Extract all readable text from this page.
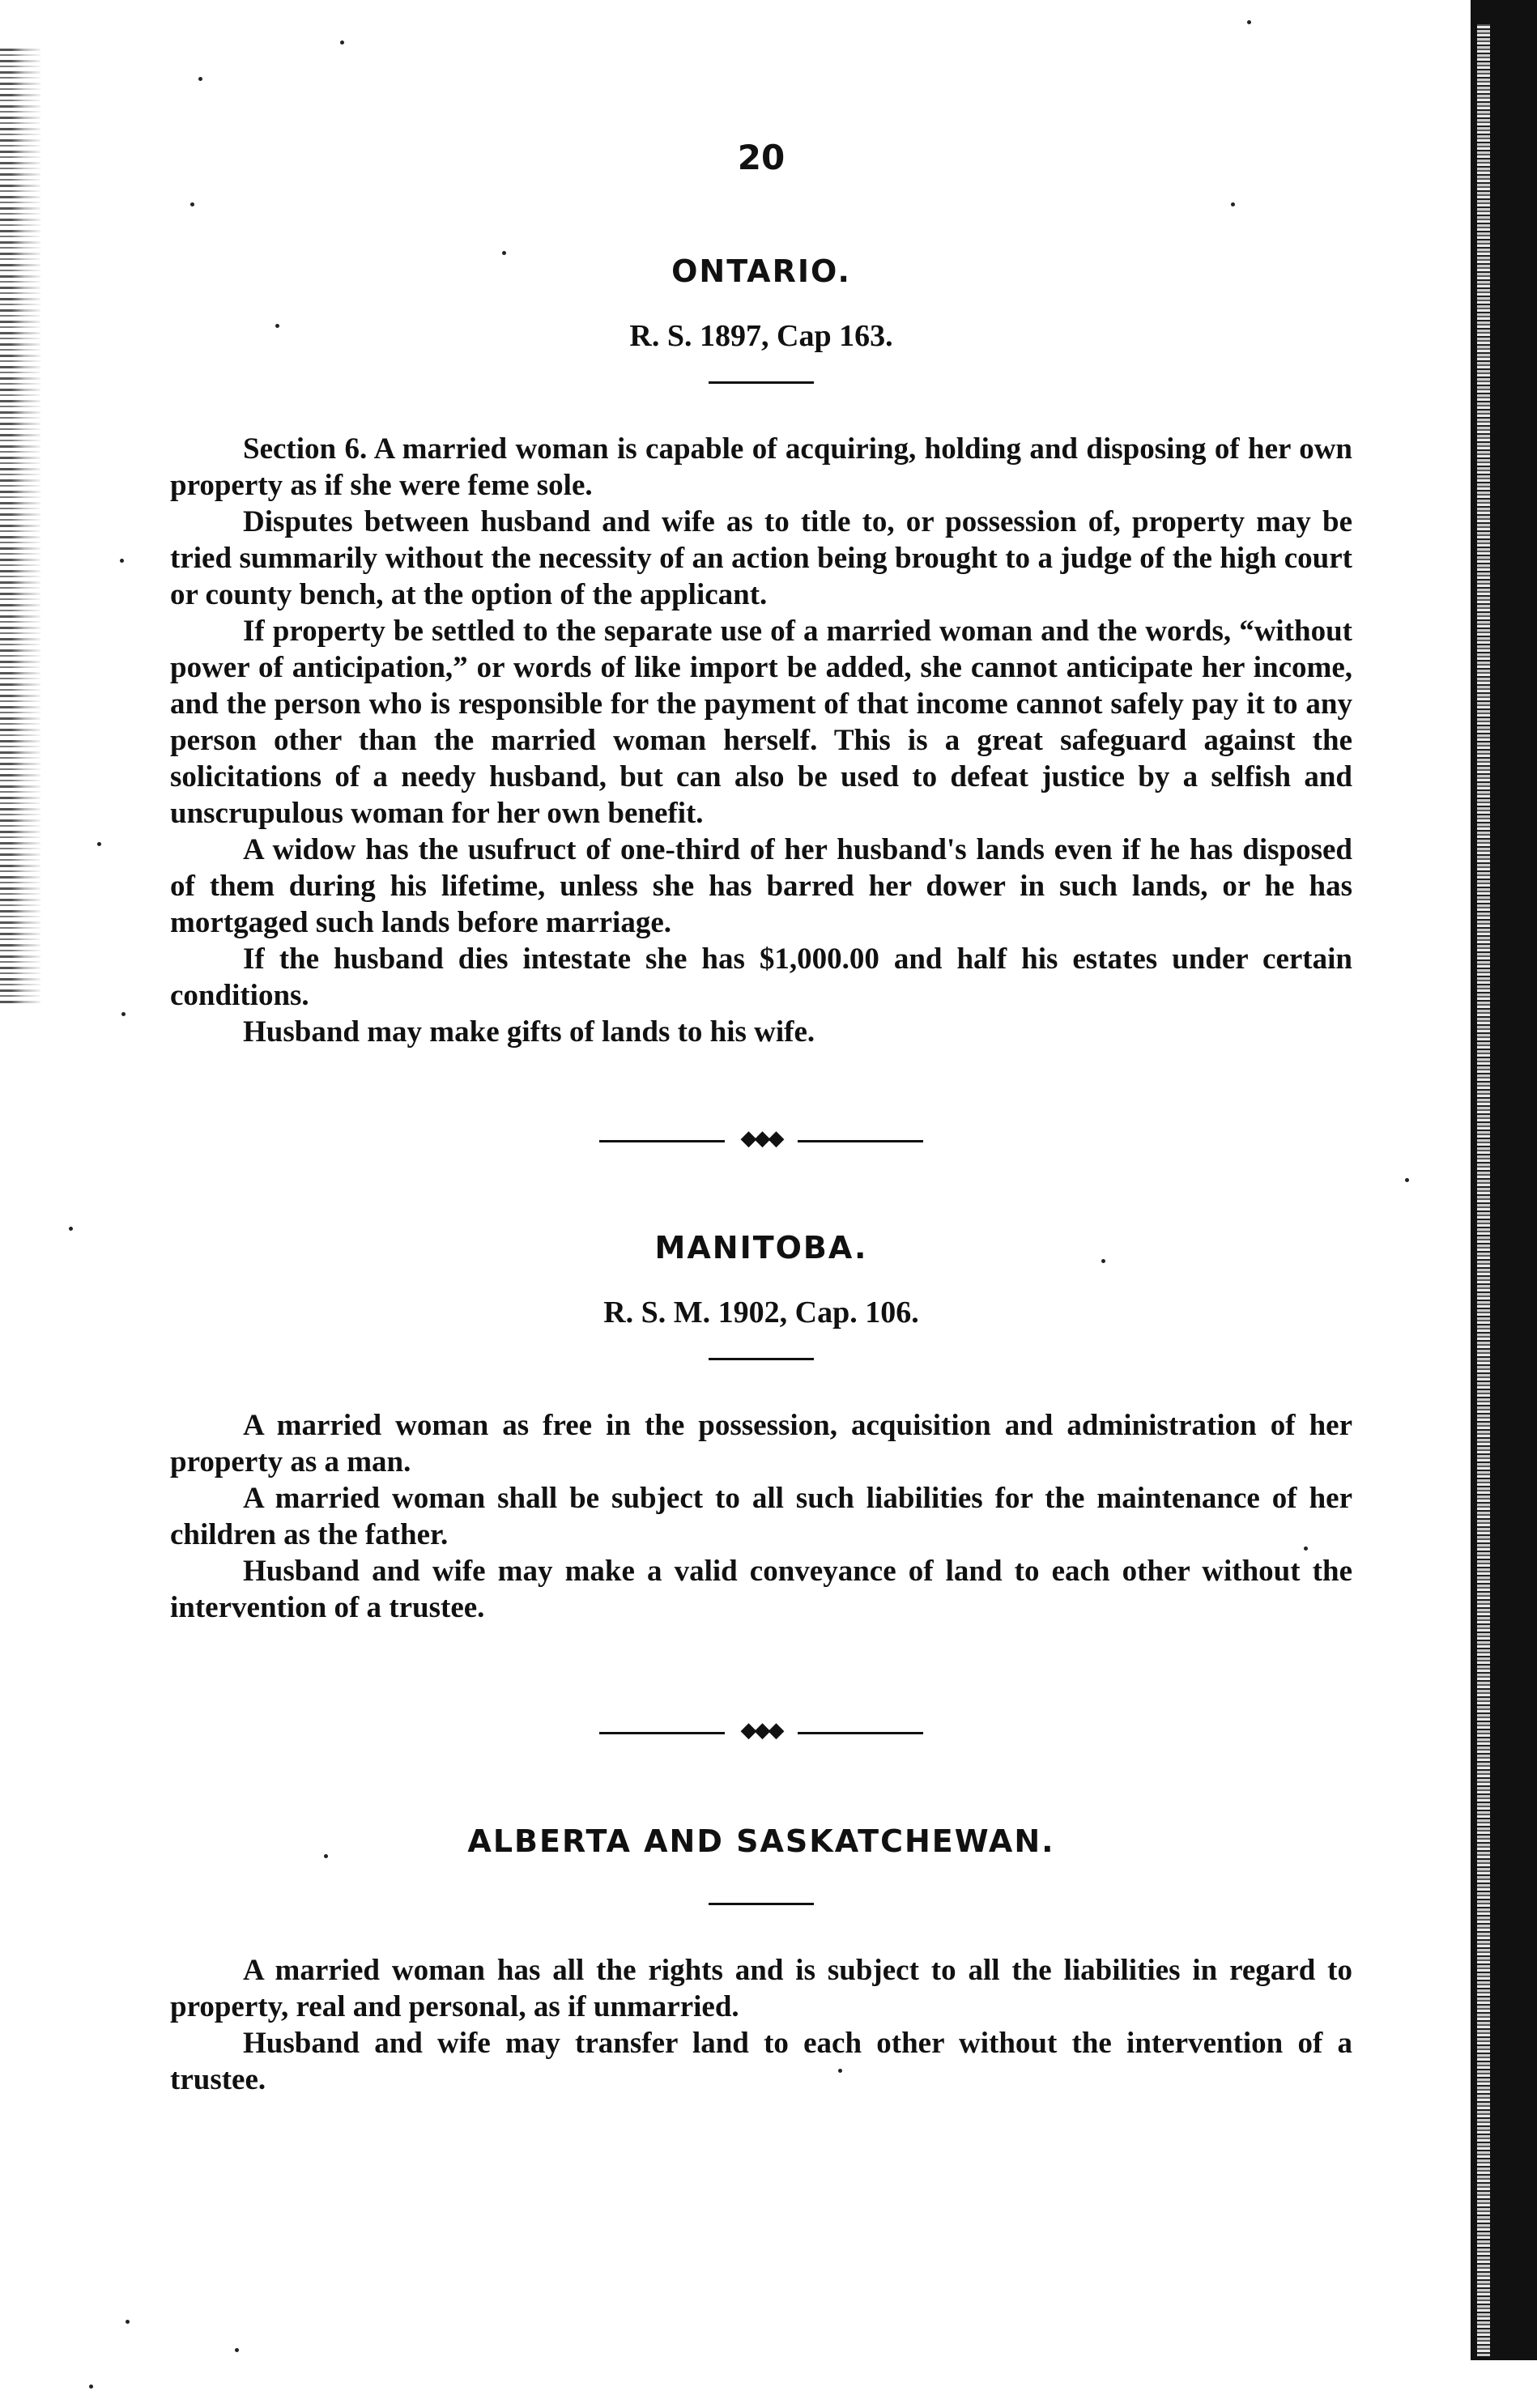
20
ONTARIO.
R. S. 1897, Cap 163.

Section 6. A married woman is capable of acquiring, holding and disposing of her own property as if she were feme sole.

Disputes between husband and wife as to title to, or possession of, property may be tried summarily without the necessity of an action being brought to a judge of the high court or county bench, at the option of the applicant.

If property be settled to the separate use of a married woman and the words, “without power of anticipation,” or words of like import be added, she cannot anticipate her income, and the person who is responsible for the payment of that income cannot safely pay it to any person other than the married woman herself. This is a great safeguard against the solicitations of a needy husband, but can also be used to defeat justice by a selfish and unscrupulous woman for her own benefit.

A widow has the usufruct of one-third of her husband's lands even if he has disposed of them during his lifetime, unless she has barred her dower in such lands, or he has mortgaged such lands before marriage.

If the husband dies intestate she has $1,000.00 and half his estates under certain conditions.

Husband may make gifts of lands to his wife.

◆◆◆
MANITOBA.
R. S. M. 1902, Cap. 106.

A married woman as free in the possession, acquisition and administration of her property as a man.

A married woman shall be subject to all such liabilities for the maintenance of her children as the father.

Husband and wife may make a valid conveyance of land to each other without the intervention of a trustee.

◆◆◆
ALBERTA AND SASKATCHEWAN.

A married woman has all the rights and is subject to all the liabilities in regard to property, real and personal, as if unmarried.

Husband and wife may transfer land to each other without the intervention of a trustee.
